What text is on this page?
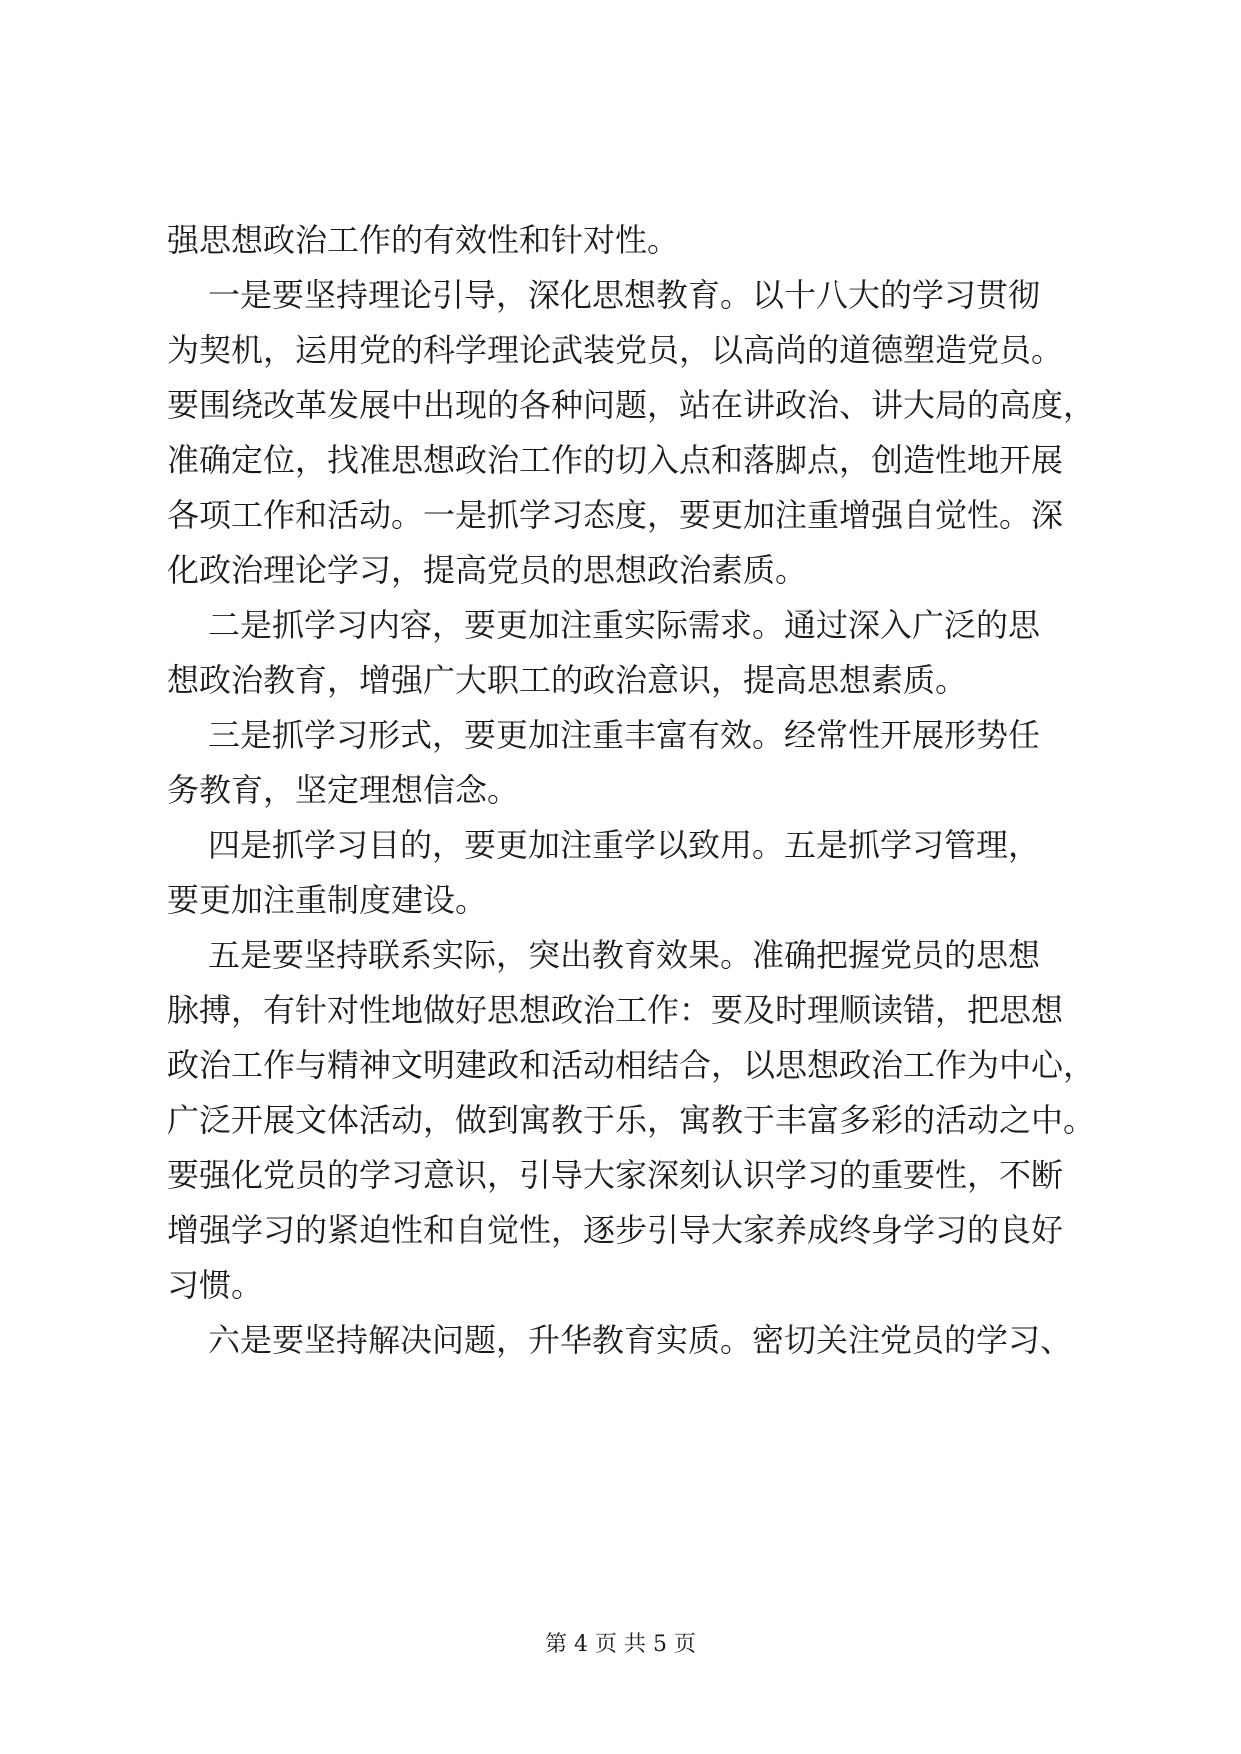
强思想政治工作的有效性和针对性。
一是要坚持理论引导，深化思想教育。以十八大的学习贯彻
为契机，运用党的科学理论武装党员，以高尚的道德塑造党员。
要围绕改革发展中出现的各种问题，站在讲政治、讲大局的高度，
准确定位，找准思想政治工作的切入点和落脚点，创造性地开展
各项工作和活动。一是抓学习态度，要更加注重增强自觉性。深
化政治理论学习，提高党员的思想政治素质。
二是抓学习内容，要更加注重实际需求。通过深入广泛的思
想政治教育，增强广大职工的政治意识，提高思想素质。
三是抓学习形式，要更加注重丰富有效。经常性开展形势任
务教育，坚定理想信念。
四是抓学习目的，要更加注重学以致用。五是抓学习管理，
要更加注重制度建设。
五是要坚持联系实际，突出教育效果。准确把握党员的思想
脉搏，有针对性地做好思想政治工作：要及时理顺读错，把思想
政治工作与精神文明建政和活动相结合，以思想政治工作为中心，
广泛开展文体活动，做到寓教于乐，寓教于丰富多彩的活动之中。
要强化党员的学习意识，引导大家深刻认识学习的重要性，不断
增强学习的紧迫性和自觉性，逐步引导大家养成终身学习的良好
习惯。
六是要坚持解决问题，升华教育实质。密切关注党员的学习、
第 4 页 共 5 页
